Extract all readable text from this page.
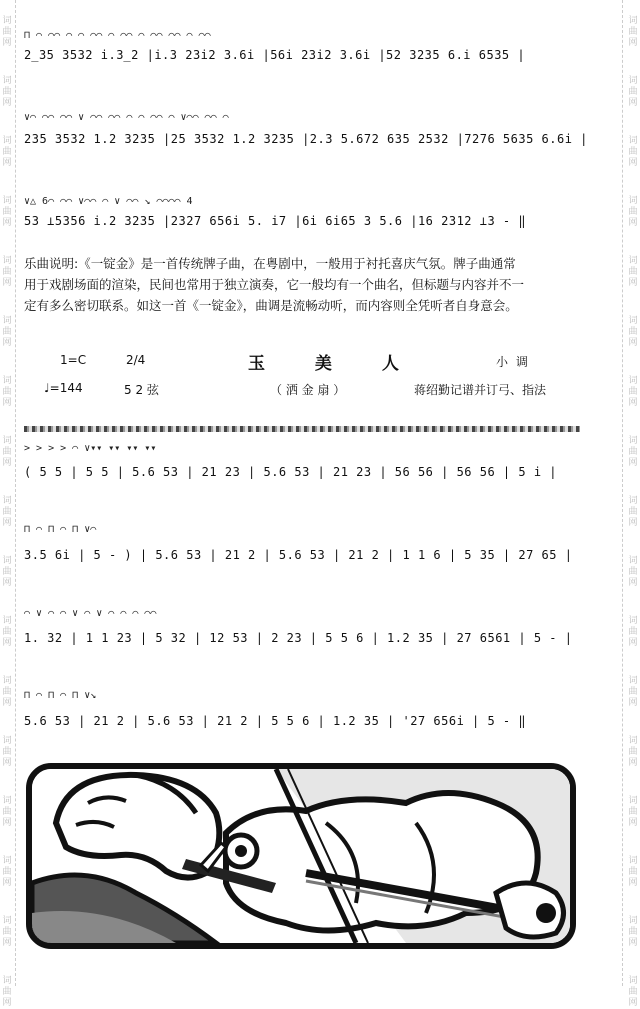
词曲网
词曲网
词曲网
词曲网
词曲网
词曲网
词曲网
词曲网
词曲网
词曲网
词曲网
词曲网
词曲网
词曲网
词曲网
词曲网
词曲网
词曲网
词曲网
词曲网
词曲网
词曲网
词曲网
词曲网
词曲网
词曲网
词曲网
词曲网
词曲网
词曲网
词曲网
词曲网
词曲网
词曲网
⊓ ⌒ ⌒⌒ ⌒ ⌒ ⌒⌒ ⌒ ⌒⌒ ⌒ ⌒⌒ ⌒⌒ ⌒ ⌒⌒
2̲35 3532 i.3̲2 |i.3 23i2 3.6i |56i 23i2 3.6i |52 3235 6.i 6535 |
∨⌒ ⌒⌒ ⌒⌒ ∨ ⌒⌒ ⌒⌒ ⌒ ⌒ ⌒⌒ ⌒ ∨⌒⌒ ⌒⌒ ⌒
235 3532 1.2 3235 |25 3532 1.2 3235 |2.3 5.672 635 2532 |7276 5635 6.6i |
∨△ 6⌒ ⌒⌒ ∨⌒⌒ ⌒ ∨ ⌒⌒ ↘ ⌒⌒⌒⌒ 4
53 ⊥5356 i.2 3235 |2327 656i 5. i7 |6i 6i65 3 5.6 |16 2312 ⊥3 - ‖

乐曲说明:《一锭金》是一首传统牌子曲，在粤剧中，一般用于衬托喜庆气氛。牌子曲通常

用于戏剧场面的渲染，民间也常用于独立演奏，它一般均有一个曲名，但标题与内容并不一

定有多么密切联系。如这一首《一锭金》，曲调是流畅动听，而内容则全凭听者自身意会。

1=C	2/4	玉 美 人	小 调
♩=144	5 2 弦	（ 洒 金 扇 ）	蒋绍勤记谱并订弓、指法
> > > > ⌒ ∨▾▾ ▾▾ ▾▾ ▾▾
( 5 5 | 5 5 | 5.6 53 | 21 23 | 5.6 53 | 21 23 | 56 56 | 56 56 | 5 i |
⊓ ⌒ ⊓ ⌒ ⊓ ∨⌒
3.5 6i | 5 - ) | 5.6 53 | 21 2 | 5.6 53 | 21 2 | 1 1 6 | 5 35 | 27 65 |
⌒ ∨ ⌒ ⌒ ∨ ⌒ ∨ ⌒ ⌒ ⌒ ⌒⌒
1. 32 | 1 1 23 | 5 32 | 12 53 | 2 23 | 5 5 6 | 1.2 35 | 27 6561 | 5 - |
⊓ ⌒ ⊓ ⌒ ⊓ ∨↘
5.6 53 | 21 2 | 5.6 53 | 21 2 | 5 5 6 | 1.2 35 | '27 656i | 5 - ‖
